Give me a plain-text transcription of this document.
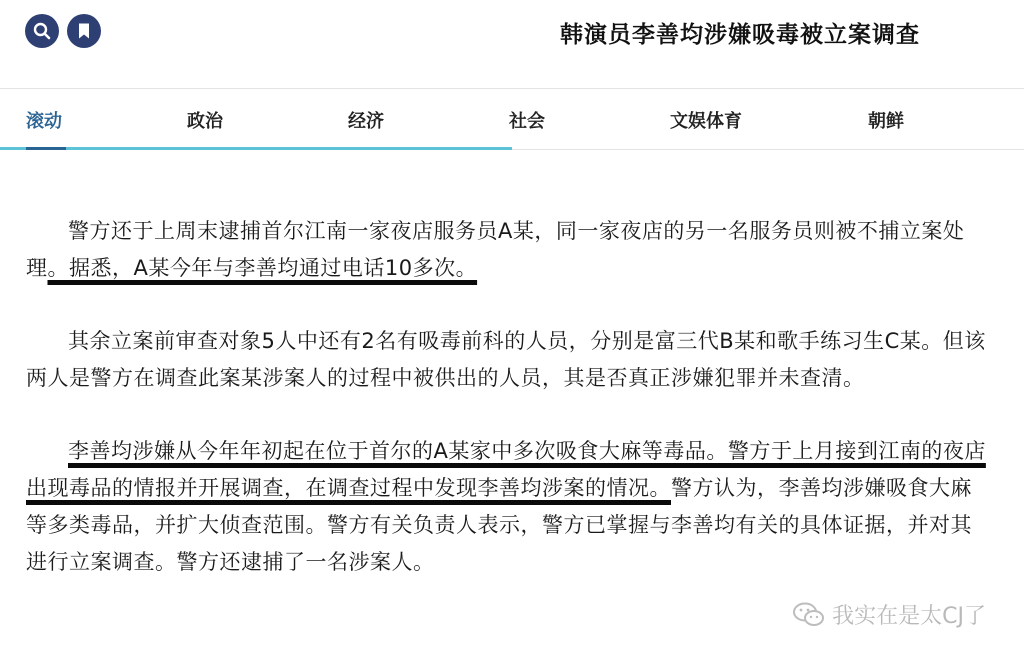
韩演员李善均涉嫌吸毒被立案调查
滚动	政治	经济	社会	文娱体育	朝鲜

警方还于上周末逮捕首尔江南一家夜店服务员A某，同一家夜店的另一名服务员则被不捕立案处理。据悉，A某今年与李善均通过电话10多次。

其余立案前审查对象5人中还有2名有吸毒前科的人员，分别是富三代B某和歌手练习生C某。但该两人是警方在调查此案某涉案人的过程中被供出的人员，其是否真正涉嫌犯罪并未查清。

李善均涉嫌从今年年初起在位于首尔的A某家中多次吸食大麻等毒品。警方于上月接到江南的夜店出现毒品的情报并开展调查，在调查过程中发现李善均涉案的情况。警方认为，李善均涉嫌吸食大麻等多类毒品，并扩大侦查范围。警方有关负责人表示，警方已掌握与李善均有关的具体证据，并对其进行立案调查。警方还逮捕了一名涉案人。

我实在是太CJ了
